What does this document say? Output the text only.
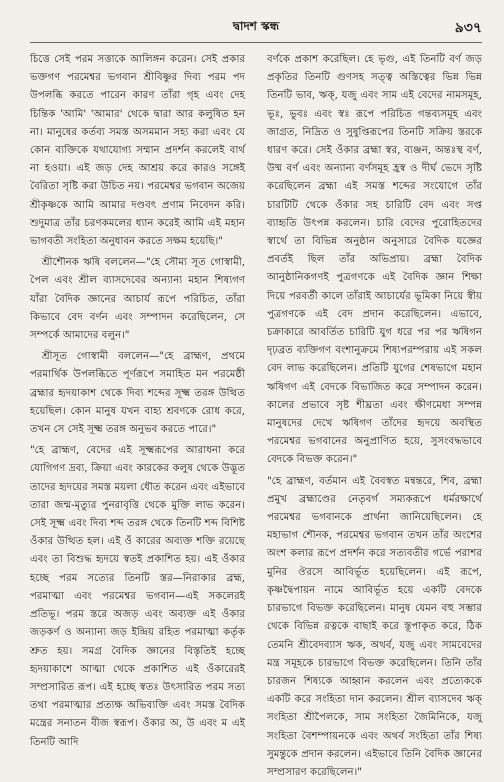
দ্বাদশ স্কন্ধ	৯৩৭

চিত্তে সেই পরম সত্তাকে আলিঙ্গন করেন। সেই প্রকার ভক্তগণ পরমেশ্বর ভগবান শ্রীবিষ্ণুর দিব্য পরম পদ উপলব্ধি করতে পারেন কারণ তাঁরা গৃহ এবং দেহ চিন্তিক 'আমি' 'আমার' থেকে দ্বারা আর কলুষিত হন না। মানুষের কর্তব্য সমস্ত অসমমান সহ্য করা এবং যে কোন ব্যক্তিকে যথাযোগ্য সম্মান প্রদর্শন করলেই বার্থ না হওয়া। এই জড় দেহ আশ্রয় করে কারও সঙ্গেই বৈরিতা সৃষ্টি করা উচিত নয়। পরমেশ্বর ভগবান অজেয় শ্রীকৃষ্ণকে আমি আমার দণ্ডবৎ প্রণাম নিবেদন করি। শুদুমাত্র তাঁর চরণকমলের ধ্যান করেই আমি এই মহান ভাগবতী সংহিতা অনুধাবন করতে সক্ষম হয়েছি।"

শ্রীশৌনক ঋষি বললেন—"হে সৌম্য সূত গোস্বামী, পৈল এবং শ্রীল ব্যাসদেবের অন্যান্য মহান শিষ্যগণ যাঁরা বৈদিক জ্ঞানের আচার্য রূপে পরিচিত, তাঁরা কিভাবে বেদ বর্ণন এবং সম্পাদন করেছিলেন, সে সম্পর্কে আমাদের বলুন।"

শ্রীসূত গোস্বামী বললেন—"হে ব্রাহ্মণ, প্রথমে পরমার্থিক উপলব্ধিতে পূর্ণরূপে সমাহিত মন পরমেষ্ঠী ব্রহ্মার হৃদয়াকাশ থেকে দিব্য শব্দের সূক্ষ্ম তরঙ্গ উত্থিত হয়েছিল। কোন মানুষ যখন বাহ্য শ্রবণকে রোধ করে, তখন সে সেই সূক্ষ্ম তরঙ্গ অনুভব করতে পারে।"

"হে ব্রাহ্মণ, বেদের এই সূক্ষ্মরূপের আরাধনা করে যোগিগণ দ্রব্য, ক্রিয়া এবং কারকের কলুষ থেকে উদ্ভূত তাদের হৃদয়ের সমস্ত ময়লা ধৌত করেন এবং এইভাবে তারা জন্ম-মৃত্যুর পুনরাবৃত্তি থেকে মুক্তি লাভ করেন। সেই সূক্ষ্ম এবং দিব্য শব্দ তরঙ্গ থেকে তিনটি শব্দ বিশিষ্ট ওঁকার উত্থিত হল। এই ওঁ কারের অব্যক্ত শক্তি রয়েছে এবং তা বিশুদ্ধ হৃদয়ে স্বতই প্রকাশিত হয়। এই ওঁকার হচ্ছে পরম সত্যের তিনটি স্তর—নিরাকার ব্রহ্ম, পরমাত্মা এবং পরমেশ্বর ভগবান—এই সকলেরই প্রতিভূ। পরম স্তরে অজড় এবং অব্যক্ত এই ওঁকার জড়কর্ণ ও অন্যান্য জড় ইন্দ্রিয় রহিত পরমাত্মা কর্তৃক শ্রুত হয়। সমগ্র বৈদিক জ্ঞানের বিস্তৃতিই হচ্ছে হৃদয়াকাশে আত্মা থেকে প্রকাশিত এই ওঁকারেরই সম্প্রসারিত রূপ। এই হচ্ছে স্বতঃ উৎসারিত পরম সত্য তথা পরমাত্মার প্রত্যক্ষ অভিব্যক্তি এবং সমস্ত বৈদিক মন্ত্রের সনাতন বীজ স্বরূপ। ওঁকার অ, উ এবং ম এই তিনটি আদি

বর্ণকে প্রকাশ করেছিল। হে ভৃগু, এই তিনটি বর্ণ জড় প্রকৃতির তিনটি গুণসহ সত্ত্ব অস্তিত্বের ভিন্ন ভিন্ন তিনটি ভাব, ঋক্‌, যজু এবং সাম এই বেদের নামসমূহ, ভূঃ, ভুবঃ এবং স্বঃ রূপে পরিচিত গন্তব্যসমূহ এবং জাগ্রত, নিদ্রিত ও সুষুপ্তিরূপের তিনটি সক্রিয় স্তরকে ধারণ করে। সেই ওঁকার ব্রহ্মা স্বর, ব্যঞ্জন, অন্তঃস্থ বর্ণ, উষ্ম বর্ণ এবং অন্যান্য বর্ণসমূহ হ্রস্ব ও দীর্ঘ ভেদে সৃষ্টি করেছিলেন ব্রহ্মা এই সমস্ত শব্দের সংযোগে তাঁর চারটিটি থেকে ওঁকার সহ চারিটি বেদ এবং সপ্ত ব্যাহৃতি উৎপন্ন করলেন। চারি বেদের পুরোহিতদের স্বার্থে তা বিভিন্ন অনুষ্ঠান অনুসারে বৈদিক যজ্ঞের প্রবর্তই ছিল তাঁর অভিপ্রায়। ব্রহ্মা বৈদিক আনুষ্ঠানিকগণই পুত্রগণকে এই বৈদিক জ্ঞান শিক্ষা দিয়ে পরবর্তী কালে তাঁরাই আচার্যের ভূমিকা নিয়ে স্বীয় পুত্রগণকে এই বেদ প্রদান করেছিলেন। এভাবে, চক্রাকারে আবর্তিত চারিটি যুগ ধরে পর পর ঋষিগন দৃঢ়ব্রত ব্যক্তিগণ বংশানুক্রমে শিষ্যপরম্পরায় এই সকল বেদ লাভ করেছিলেন। প্রতিটি যুগের শেষভাগে মহান ঋষিগণ এই বেদকে বিভাজিত করে সম্পাদন করেন। কালের প্রভাবে সৃষ্ট শীঘ্রতা এবং ক্ষীণমেধা সম্পন্ন মানুষদের দেখে ঋষিগণ তাঁদের হৃদয়ে অবস্থিত পরমেশ্বর ভগবানের অনুপ্রাণিত হয়ে, সুসংবদ্ধভাবে বেদকে বিভক্ত করেন।"

"হে ব্রাহ্মণ, বর্তমান এই বৈবস্বত মন্বন্তরে, শিব, ব্রহ্মা প্রমুখ ব্রহ্মাণ্ডের নেতৃবর্গ সম্যকরূপে ধর্মরক্ষার্থে পরমেশ্বর ভগবানকে প্রার্থনা জানিয়েছিলেন। হে মহাভাগ শৌনক, পরমেশ্বর ভগবান তখন তাঁর অংশের অংশ কলার রূপে প্রদর্শন করে সত্যবতীর গর্ভে পরাশর মুনির ঔরসে আবির্ভূত হয়েছিলেন। এই রূপে, কৃষ্ণদ্বৈপায়ন নামে আবির্ভূত হয়ে একটি বেদকে চারভাগে বিভক্ত করেছিলেন। মানুষ যেমন বহু সম্ভার থেকে বিভিন্ন রত্নকে বাছাই করে স্তূপাকৃত করে, ঠিক তেমনি শ্রীবেদব্যাস ঋক, অথর্ব, যজু এবং সামবেদের মন্ত্র সমূহকে চারভাগে বিভক্ত করেছিলেন। তিনি তাঁর চারজন শিষ্যকে আহ্বান করলেন এবং প্রত্যেককে একটি করে সংহিতা দান করলেন। শ্রীল ব্যাসদেব ঋক্ সংহিতা শ্রীপৈলকে, সাম সংহিতা জৈমিনিকে, যজু সংহিতা বৈশম্পায়নকে এবং অথর্ব সংহিতা তাঁর শিষ্য সুমন্তুকে প্রদান করলেন। এইভাবে তিনি বৈদিক জ্ঞানের সম্প্রসারণ করেছিলেন।"
